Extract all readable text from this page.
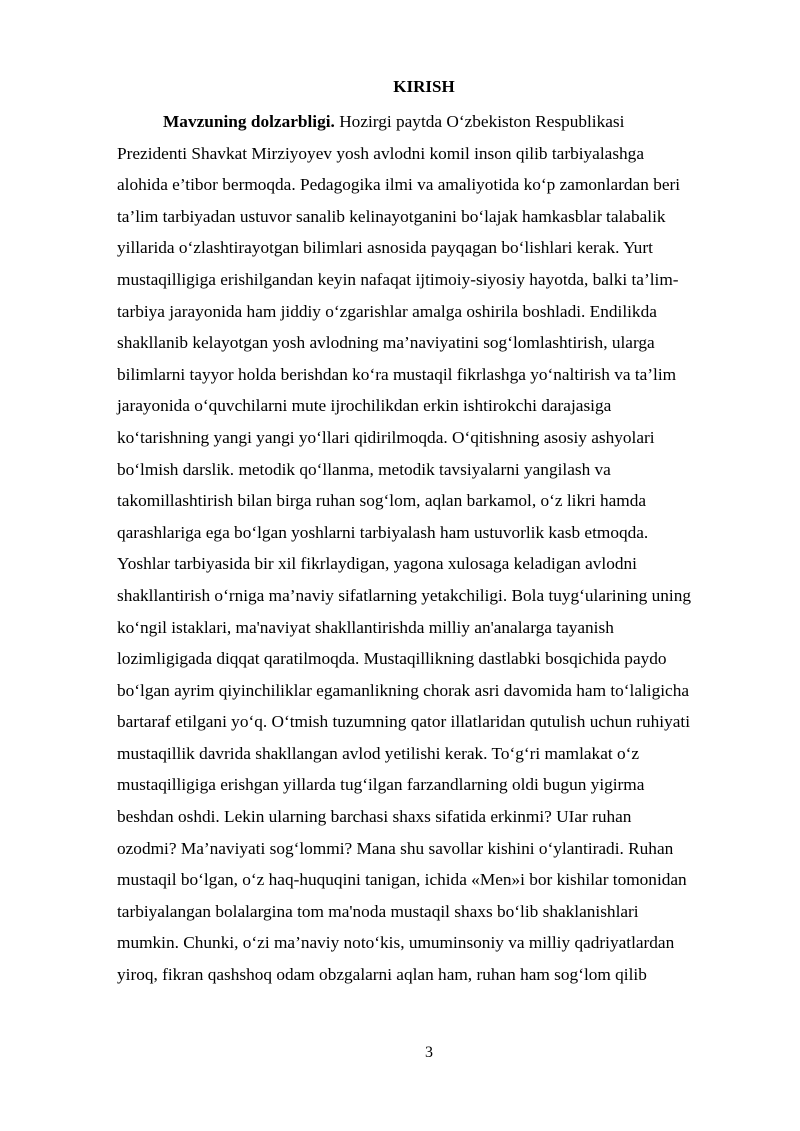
KIRISH
Mavzuning dolzarbligi. Hozirgi paytda O‘zbekiston Respublikasi
Prezidenti Shavkat Mirziyoyev yosh avlodni komil inson qilib tarbiyalashga
alohida e’tibor bermoqda. Pedagogika ilmi va amaliyotida ko‘p zamonlardan beri
ta’lim tarbiyadan ustuvor sanalib kelinayotganini bo‘lajak hamkasblar talabalik
yillarida o‘zlashtirayotgan bilimlari asnosida payqagan bo‘lishlari kerak. Yurt
mustaqilligiga erishilgandan keyin nafaqat ijtimoiy-siyosiy hayotda, balki ta’lim-
tarbiya jarayonida ham jiddiy o‘zgarishlar amalga oshirila boshladi. Endilikda
shakllanib kelayotgan yosh avlodning ma’naviyatini sog‘lomlashtirish, ularga
bilimlarni tayyor holda berishdan ko‘ra mustaqil fikrlashga yo‘naltirish va ta’lim
jarayonida o‘quvchilarni mute ijrochilikdan erkin ishtirokchi darajasiga
ko‘tarishning yangi yangi yo‘llari qidirilmoqda. O‘qitishning asosiy ashyolari
bo‘lmish darslik. metodik qo‘llanma, metodik tavsiyalarni yangilash va
takomillashtirish bilan birga ruhan sog‘lom, aqlan barkamol, o‘z likri hamda
qarashlariga ega bo‘lgan yoshlarni tarbiyalash ham ustuvorlik kasb etmoqda.
Yoshlar tarbiyasida bir xil fikrlaydigan, yagona xulosaga keladigan avlodni
shakllantirish o‘rniga ma’naviy sifatlarning yetakchiligi. Bola tuyg‘ularining uning
ko‘ngil istaklari, ma'naviyat shakllantirishda milliy an'analarga tayanish
lozimligigada diqqat qaratilmoqda. Mustaqillikning dastlabki bosqichida paydo
bo‘lgan ayrim qiyinchiliklar egamanlikning chorak asri davomida ham to‘laligicha
bartaraf etilgani yo‘q. O‘tmish tuzumning qator illatlaridan qutulish uchun ruhiyati
mustaqillik davrida shakllangan avlod yetilishi kerak. To‘g‘ri mamlakat o‘z
mustaqilligiga erishgan yillarda tug‘ilgan farzandlarning oldi bugun yigirma
beshdan oshdi. Lekin ularning barchasi shaxs sifatida erkinmi? UIar ruhan
ozodmi? Ma’naviyati sog‘lommi? Mana shu savollar kishini o‘ylantiradi. Ruhan
mustaqil bo‘lgan, o‘z haq-huquqini tanigan, ichida «Men»i bor kishilar tomonidan
tarbiyalangan bolalargina tom ma'noda mustaqil shaxs bo‘lib shaklanishlari
mumkin. Chunki, o‘zi ma’naviy noto‘kis, umuminsoniy va milliy qadriyatlardan
yiroq, fikran qashshoq odam obzgalarni aqlan ham, ruhan ham sog‘lom qilib
3
